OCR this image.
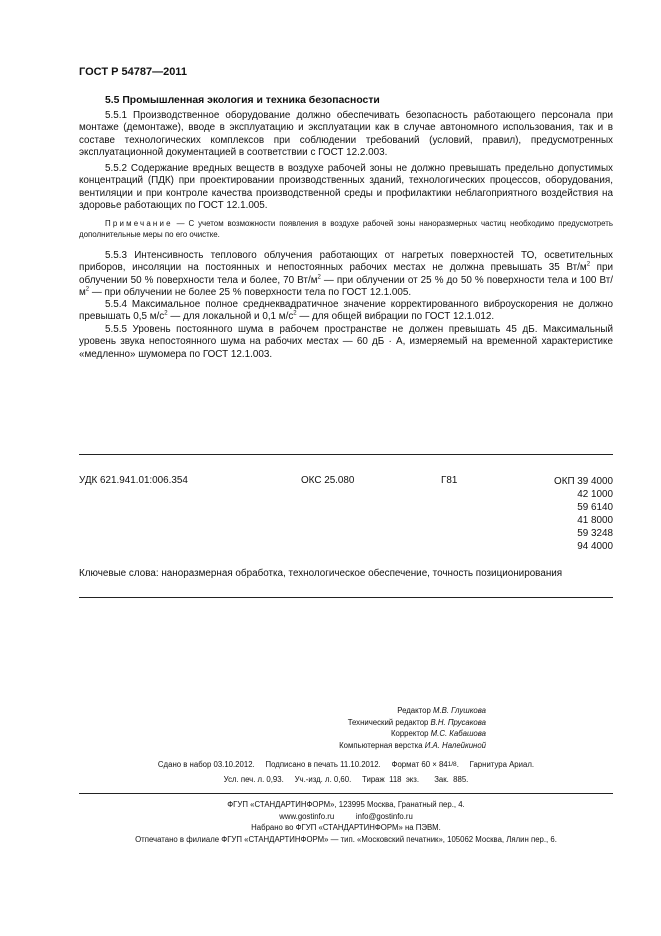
ГОСТ Р 54787—2011
5.5 Промышленная экология и техника безопасности

5.5.1 Производственное оборудование должно обеспечивать безопасность работающего персонала при монтаже (демонтаже), вводе в эксплуатацию и эксплуатации как в случае автономного использования, так и в составе технологических комплексов при соблюдении требований (условий, правил), предусмотренных эксплуатационной документацией в соответствии с ГОСТ 12.2.003.

5.5.2 Содержание вредных веществ в воздухе рабочей зоны не должно превышать предельно допустимых концентраций (ПДК) при проектировании производственных зданий, технологических процессов, оборудования, вентиляции и при контроле качества производственной среды и профилактики неблагоприятного воздействия на здоровье работающих по ГОСТ 12.1.005.

Примечание — С учетом возможности появления в воздухе рабочей зоны наноразмерных частиц необходимо предусмотреть дополнительные меры по его очистке.

5.5.3 Интенсивность теплового облучения работающих от нагретых поверхностей ТО, осветительных приборов, инсоляции на постоянных и непостоянных рабочих местах не должна превышать 35 $Вт/м^2$ при облучении 50 % поверхности тела и более, 70 $Вт/м^2$ — при облучении от 25 % до 50 % поверхности тела и 100 $Вт/м^2$ — при облучении не более 25 % поверхности тела по ГОСТ 12.1.005.

5.5.4 Максимальное полное среднеквадратичное значение корректированного виброускорения не должно превышать 0,5 $м/с^2$ — для локальной и 0,1 $м/с^2$ — для общей вибрации по ГОСТ 12.1.012.

5.5.5 Уровень постоянного шума в рабочем пространстве не должен превышать 45 дБ. Максимальный уровень звука непостоянного шума на рабочих местах — 60 дБ · А, измеряемый на временной характеристике «медленно» шумомера по ГОСТ 12.1.003.

УДК 621.941.01:006.354	ОКС 25.080	Г81	ОКП 39 4000
42 1000
59 6140
41 8000
59 3248
94 4000
Ключевые слова: наноразмерная обработка, технологическое обеспечение, точность позиционирования
Редактор М.В. Глушкова
Технический редактор В.Н. Прусакова
Корректор М.С. Кабашова
Компьютерная верстка И.А. Налейкиной
Сдано в набор 03.10.2012.     Подписано в печать 11.10.2012.     Формат 60 × 841/8.     Гарнитура Ариал.
Усл. печ. л. 0,93.     Уч.-изд. л. 0,60.     Тираж  118  экз.       Зак.  885.
ФГУП «СТАНДАРТИНФОРМ», 123995 Москва, Гранатный пер., 4.
www.gostinfo.ru          info@gostinfo.ru
Набрано во ФГУП «СТАНДАРТИНФОРМ» на ПЭВМ.
Отпечатано в филиале ФГУП «СТАНДАРТИНФОРМ» — тип. «Московский печатник», 105062 Москва, Лялин пер., 6.
